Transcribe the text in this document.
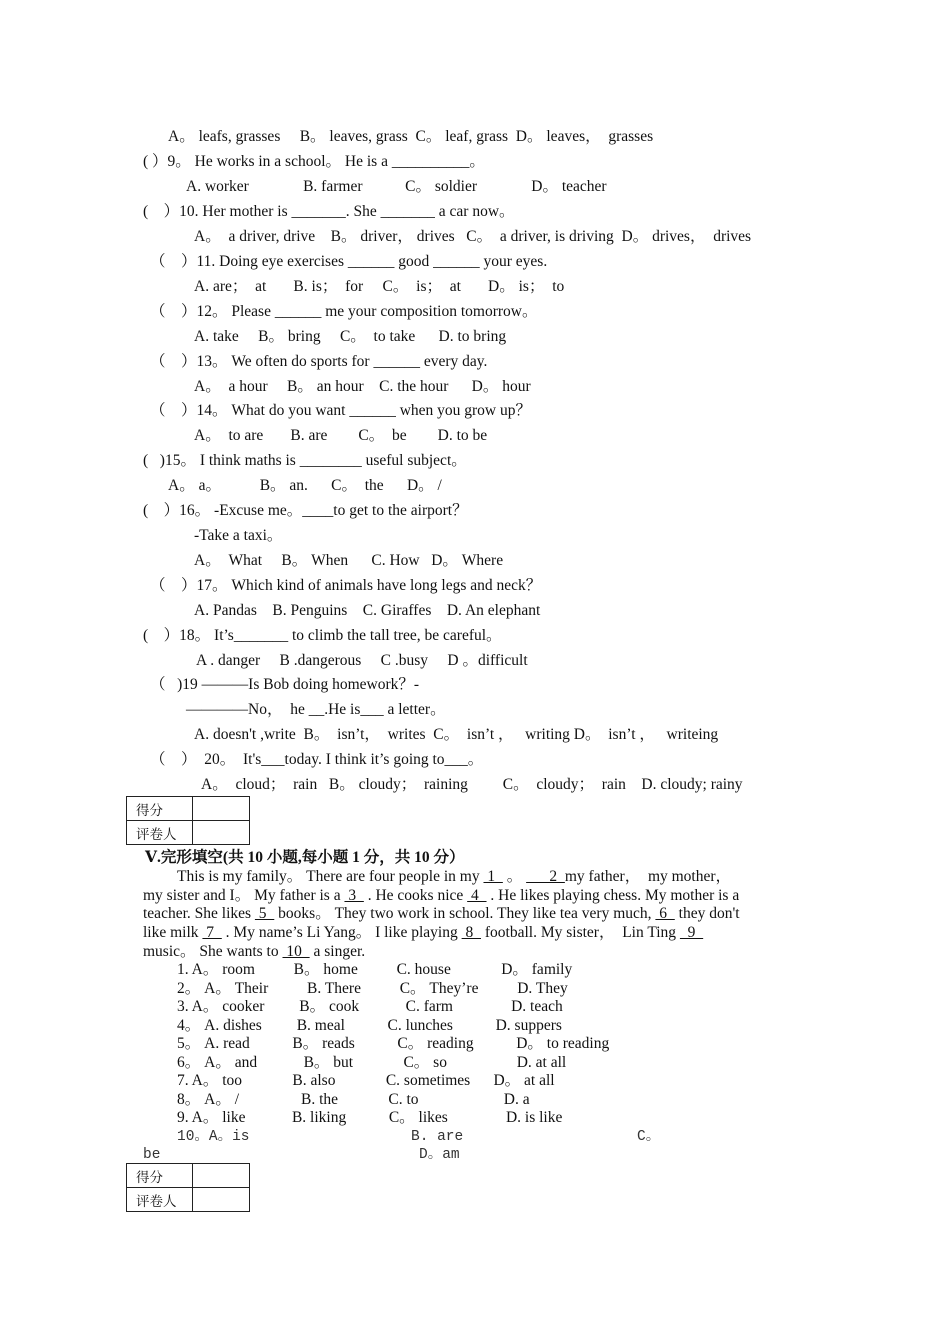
A。 leafs, grasses     B。 leaves, grass  C。 leaf, grass  D。 leaves，  grasses
( ）9。 He works in a school。 He is a __________。
A. worker              B. farmer           C。 soldier              D。 teacher
(    ）10. Her mother is _______. She _______ a car now。
A。  a driver, drive    B。 driver， drives   C。  a driver, is driving  D。 drives，  drives
（    ）11. Doing eye exercises ______ good ______ your eyes.
A. are；  at       B. is；  for     C。  is；  at       D。 is；  to
（    ）12。 Please ______ me your composition tomorrow。
A. take     B。 bring     C。  to take      D. to bring
（    ）13。 We often do sports for ______ every day.
A。  a hour     B。 an hour    C. the hour      D。 hour
（    ）14。 What do you want ______ when you grow up？
A。  to are       B. are        C。  be        D. to be
(   )15。 I think maths is ________ useful subject。
A。 a。          B。 an.      C。  the      D。 /
(    ）16。 -Excuse me。____to get to the airport？
-Take a taxi。
A。  What     B。 When      C. How   D。 Where
（    ）17。 Which kind of animals have long legs and neck？
A. Pandas    B. Penguins    C. Giraffes    D. An elephant
(    ）18。 It’s_______ to climb the tall tree, be careful。
A . danger     B .dangerous     C .busy     D 。difficult
（   )19 ———Is Bob doing homework？-
————No，  he __.He is___ a letter。
A. doesn't ,write  B。  isn’t，  writes  C。  isn’t ，   writing D。  isn’t ，   writeing
（    ）  20。  It's___today. I think it’s going to___。
A。  cloud；  rain   B。 cloudy；  raining         C。  cloudy；  rain    D. cloudy; rainy
得分	
评卷人	
Ⅴ.完形填空(共 10 小题,每小题 1 分，共 10 分）
This is my family。 There are four people in my  1   。       2  my father，  my mother，
my sister and I。 My father is a  3   . He cooks nice  4   . He likes playing chess. My mother is a
teacher. She likes  5   books。 They two work in school. They like tea very much,  6   they don't
like milk  7   . My name’s Li Yang。 I like playing  8   football. My sister，  Lin Ting   9
music。 She wants to  10   a singer.
1. A。 room          B。 home          C. house             D。 family
2。 A。 Their          B. There          C。 They’re          D. They
3. A。 cooker         B。 cook            C. farm               D. teach
4。 A. dishes         B. meal           C. lunches           D. suppers
5。 A. read           B。 reads           C。 reading           D。 to reading
6。 A。 and            B。 but             C。 so                  D. at all
7. A。 too             B. also             C. sometimes      D。 at all
8。 A。 /                B. the             C. to                      D. a
9. A。 like            B. liking           C。 likes               D. is like
10。A。is	B. are	C。
be	D。am
得分	
评卷人	
